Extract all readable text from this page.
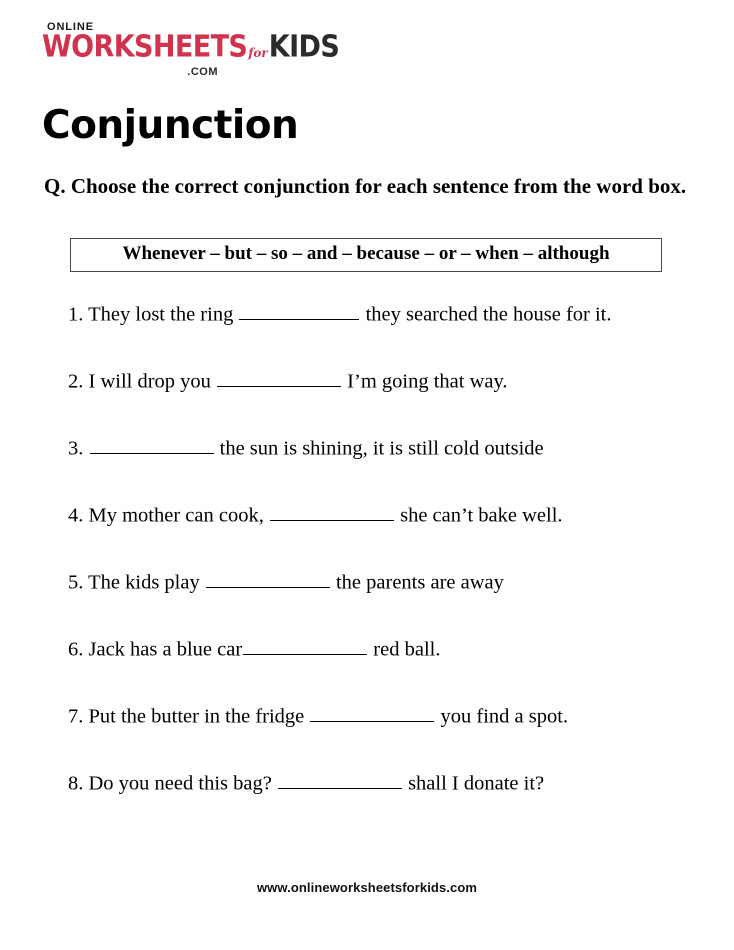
ONLINE
WORKSHEETS for KIDS
.COM
Conjunction
Q. Choose the correct conjunction for each sentence from the word box.
Whenever – but – so – and – because – or – when – although
1. They lost the ring	they searched the house for it.
2. I will drop you	I’m going that way.
3.	the sun is shining, it is still cold outside
4. My mother can cook,	she can’t bake well.
5. The kids play	the parents are away
6. Jack has a blue car	red ball.
7. Put the butter in the fridge	you find a spot.
8. Do you need this bag?	shall I donate it?
www.onlineworksheetsforkids.com
